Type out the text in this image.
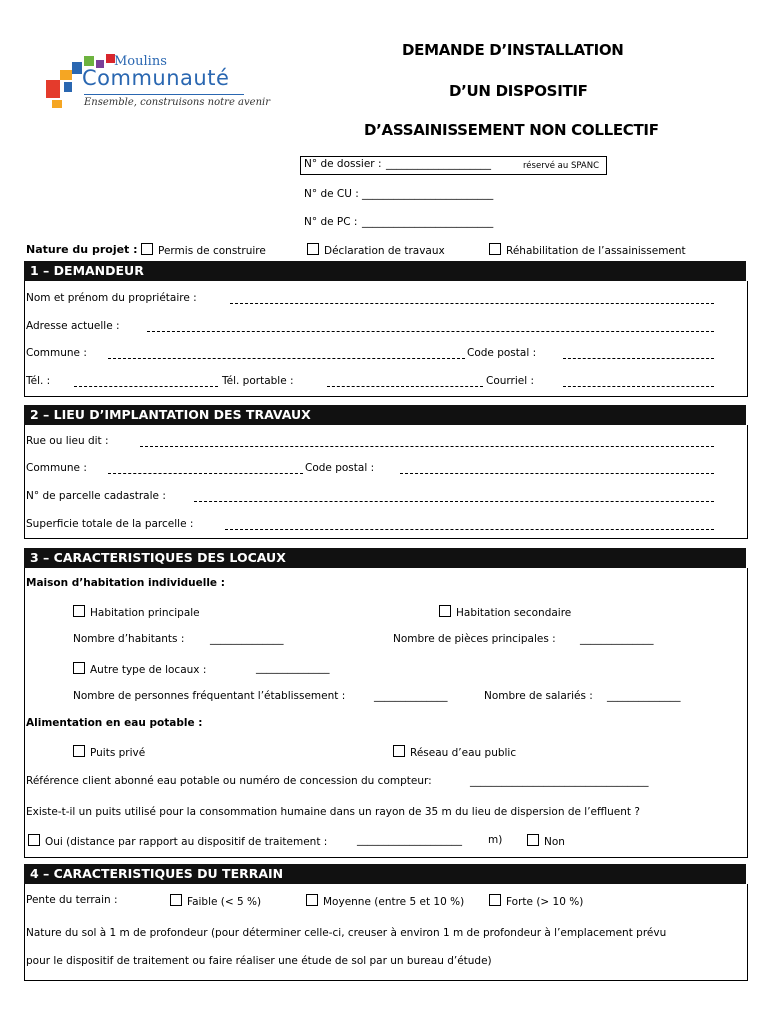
Moulins
Communauté
Ensemble, construisons notre avenir
DEMANDE D’INSTALLATION
D’UN DISPOSITIF
D’ASSAINISSEMENT NON COLLECTIF
N° de dossier : ____________________	réservé au SPANC
N° de CU : _________________________
N° de PC : _________________________
Nature du projet :	Permis de construire	Déclaration de travaux	Réhabilitation de l’assainissement
1 – DEMANDEUR
Nom et prénom du propriétaire :
Adresse actuelle :
Commune :	Code postal :
Tél. :	Tél. portable :	Courriel :
2 – LIEU D’IMPLANTATION DES TRAVAUX
Rue ou lieu dit :
Commune :	Code postal :
N° de parcelle cadastrale :
Superficie totale de la parcelle :
3 – CARACTERISTIQUES DES LOCAUX
Maison d’habitation individuelle :
Habitation principale	Habitation secondaire
Nombre d’habitants : ______________	Nombre de pièces principales : ______________
Autre type de locaux :	______________
Nombre de personnes fréquentant l’établissement :	______________	Nombre de salariés : ______________
Alimentation en eau potable :
Puits privé	Réseau d’eau public
Référence client abonné eau potable ou numéro de concession du compteur:	__________________________________
Existe-t-il un puits utilisé pour la consommation humaine dans un rayon de 35 m du lieu de dispersion de l’effluent ?
Oui (distance par rapport au dispositif de traitement :	____________________ m)	Non
4 – CARACTERISTIQUES DU TERRAIN
Pente du terrain :	Faible (< 5 %)	Moyenne (entre 5 et 10 %)	Forte (> 10 %)
Nature du sol à 1 m de profondeur (pour déterminer celle-ci, creuser à environ 1 m de profondeur à l’emplacement prévu
pour le dispositif de traitement ou faire réaliser une étude de sol par un bureau d’étude)
